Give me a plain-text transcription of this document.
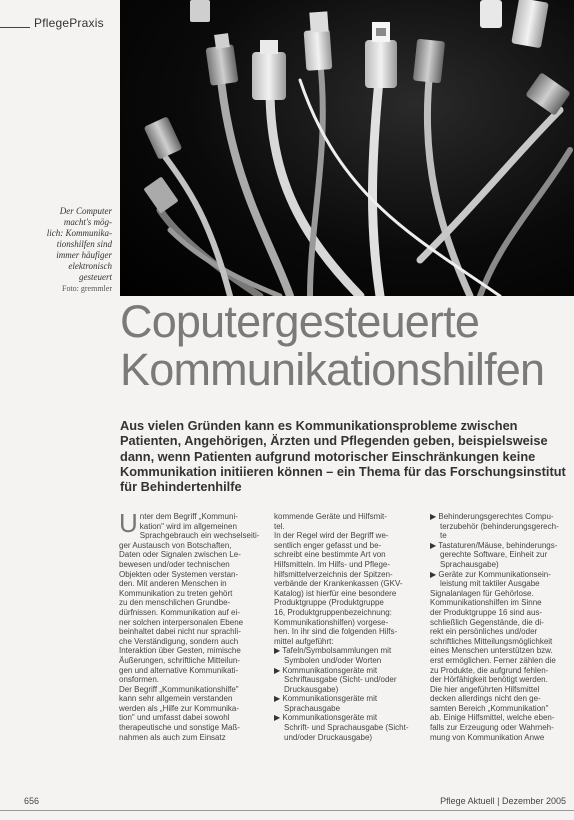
PflegePraxis
Der Computer
macht's mög-
lich: Kommunika-
tionshilfen sind
immer häufiger
elektronisch
gesteuert
Foto: gremmler
Coputergesteuerte
Kommunikationshilfen
Aus vielen Gründen kann es Kommunikationsprobleme zwischen Patienten, Angehörigen, Ärzten und Pflegenden geben, beispielsweise dann, wenn Patienten aufgrund motorischer Einschränkungen keine Kommunikation initiieren können – ein Thema für das Forschungsinstitut für Behindertenhilfe
U nter dem Begriff „Kommuni-
kation" wird im allgemeinen
Sprachgebrauch ein wechselseiti-
ger Austausch von Botschaften,
Daten oder Signalen zwischen Le-
bewesen und/oder technischen
Objekten oder Systemen verstan-
den. Mit anderen Menschen in
Kommunikation zu treten gehört
zu den menschlichen Grundbe-
dürfnissen. Kommunikation auf ei-
ner solchen interpersonalen Ebene
beinhaltet dabei nicht nur sprachli-
che Verständigung, sondern auch
Interaktion über Gesten, mimische
Äußerungen, schriftliche Mitteilun-
gen und alternative Kommunikati-
onsformen.
Der Begriff „Kommunikationshilfe"
kann sehr allgemein verstanden
werden als „Hilfe zur Kommunika-
tion" und umfasst dabei sowohl
therapeutische und sonstige Maß-
nahmen als auch zum Einsatz
kommende Geräte und Hilfsmit-
tel.
In der Regel wird der Begriff we-
sentlich enger gefasst und be-
schreibt eine bestimmte Art von
Hilfsmitteln. Im Hilfs- und Pflege-
hilfsmittelverzeichnis der Spitzen-
verbände der Krankenkassen (GKV-
Katalog) ist hierfür eine besondere
Produktgruppe (Produktgruppe
16, Produktgruppenbezeichnung:
Kommunikationshilfen) vorgese-
hen. In ihr sind die folgenden Hilfs-
mittel aufgeführt:
▶ Tafeln/Symbolsammlungen mit
Symbolen und/oder Worten
▶ Kommunikationsgeräte mit
Schriftausgabe (Sicht- und/oder
Druckausgabe)
▶ Kommunikationsgeräte mit
Sprachausgabe
▶ Kommunikationsgeräte mit
Schrift- und Sprachausgabe (Sicht-
und/oder Druckausgabe)
▶ Behinderungsgerechtes Compu-
terzubehör (behinderungsgerech-
te
▶ Tastaturen/Mäuse, behinderungs-
gerechte Software, Einheit zur
Sprachausgabe)
▶ Geräte zur Kommunikationsein-
leistung mit taktiler Ausgabe
Signalanlagen für Gehörlose.
Kommunikationshilfen im Sinne
der Produktgruppe 16 sind aus-
schließlich Gegenstände, die di-
rekt ein persönliches und/oder
schriftliches Mitteilungsmöglichkeit
eines Menschen unterstützen bzw.
erst ermöglichen. Ferner zählen die
zu Produkte, die aufgrund fehlen-
der Hörfähigkeit benötigt werden.
Die hier angeführten Hilfsmittel
decken allerdings nicht den ge-
samten Bereich „Kommunikation"
ab. Einige Hilfsmittel, welche eben-
falls zur Erzeugung oder Wahrneh-
mung von Kommunikation Anwe
656	Pflege Aktuell | Dezember 2005
